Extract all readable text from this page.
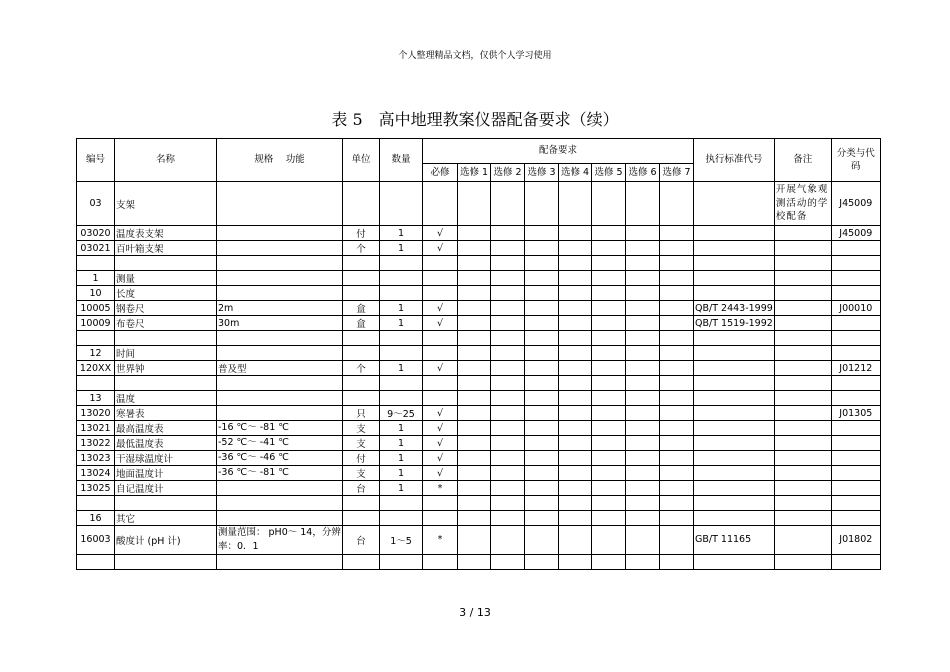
个人整理精品文档，仅供个人学习使用
表 5　高中地理教案仪器配备要求（续）
编号	名称	规格　 功能	单位	数量	配备要求								执行标准代号	备注	分类与代码
					必修	选修 1	选修 2	选修 3	选修 4	选修 5	选修 6	选修 7			
03	支架													开展气象观测活动的学校配备	J45009
03020	温度表支架		付	1	√										J45009
03021	百叶箱支架		个	1	√										

1	测量														
10	长度														
10005	钢卷尺	2m	盒	1	√								QB/T 2443-1999		J00010
10009	布卷尺	30m	盒	1	√								QB/T 1519-1992		

12	时间														
120XX	世界钟	普及型	个	1	√										J01212

13	温度														
13020	寒暑表		只	9～25	√										J01305
13021	最高温度表	-16 ℃～ -81 ℃	支	1	√										
13022	最低温度表	-52 ℃～ -41 ℃	支	1	√										
13023	干湿球温度计	-36 ℃～ -46 ℃	付	1	√										
13024	地面温度计	-36 ℃～ -81 ℃	支	1	√										
13025	自记温度计		台	1	*										

16	其它														
16003	酸度计 (pH 计)	测量范围： pH0～ 14，分辨率：0．1	台	1～5	*								GB/T 11165		J01802

3 / 13
